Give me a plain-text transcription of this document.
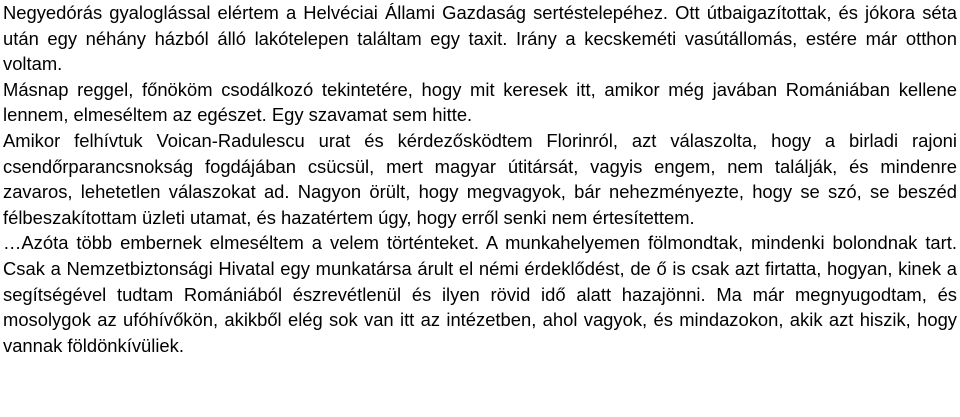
Negyedórás gyaloglással elértem a Helvéciai Állami Gazdaság sertéstelepéhez. Ott útbaigazítottak, és jókora séta után egy néhány házból álló lakótelepen találtam egy taxit. Irány a kecskeméti vasútállomás, estére már otthon voltam.

Másnap reggel, főnököm csodálkozó tekintetére, hogy mit keresek itt, amikor még javában Romániában kellene lennem, elmeséltem az egészet. Egy szavamat sem hitte.

Amikor felhívtuk Voican-Radulescu urat és kérdezősködtem Florinról, azt válaszolta, hogy a birladi rajoni csendőrparancsnokság fogdájában csücsül, mert magyar útitársát, vagyis engem, nem találják, és mindenre zavaros, lehetetlen válaszokat ad. Nagyon örült, hogy megvagyok, bár nehezményezte, hogy se szó, se beszéd félbeszakítottam üzleti utamat, és hazatértem úgy, hogy erről senki nem értesítettem.

…Azóta több embernek elmeséltem a velem történteket. A munkahelyemen fölmondtak, mindenki bolondnak tart. Csak a Nemzetbiztonsági Hivatal egy munkatársa árult el némi érdeklődést, de ő is csak azt firtatta, hogyan, kinek a segítségével tudtam Romániából észrevétlenül és ilyen rövid idő alatt hazajönni. Ma már megnyugodtam, és mosolygok az ufóhívőkön, akikből elég sok van itt az intézetben, ahol vagyok, és mindazokon, akik azt hiszik, hogy vannak földönkívüliek.
